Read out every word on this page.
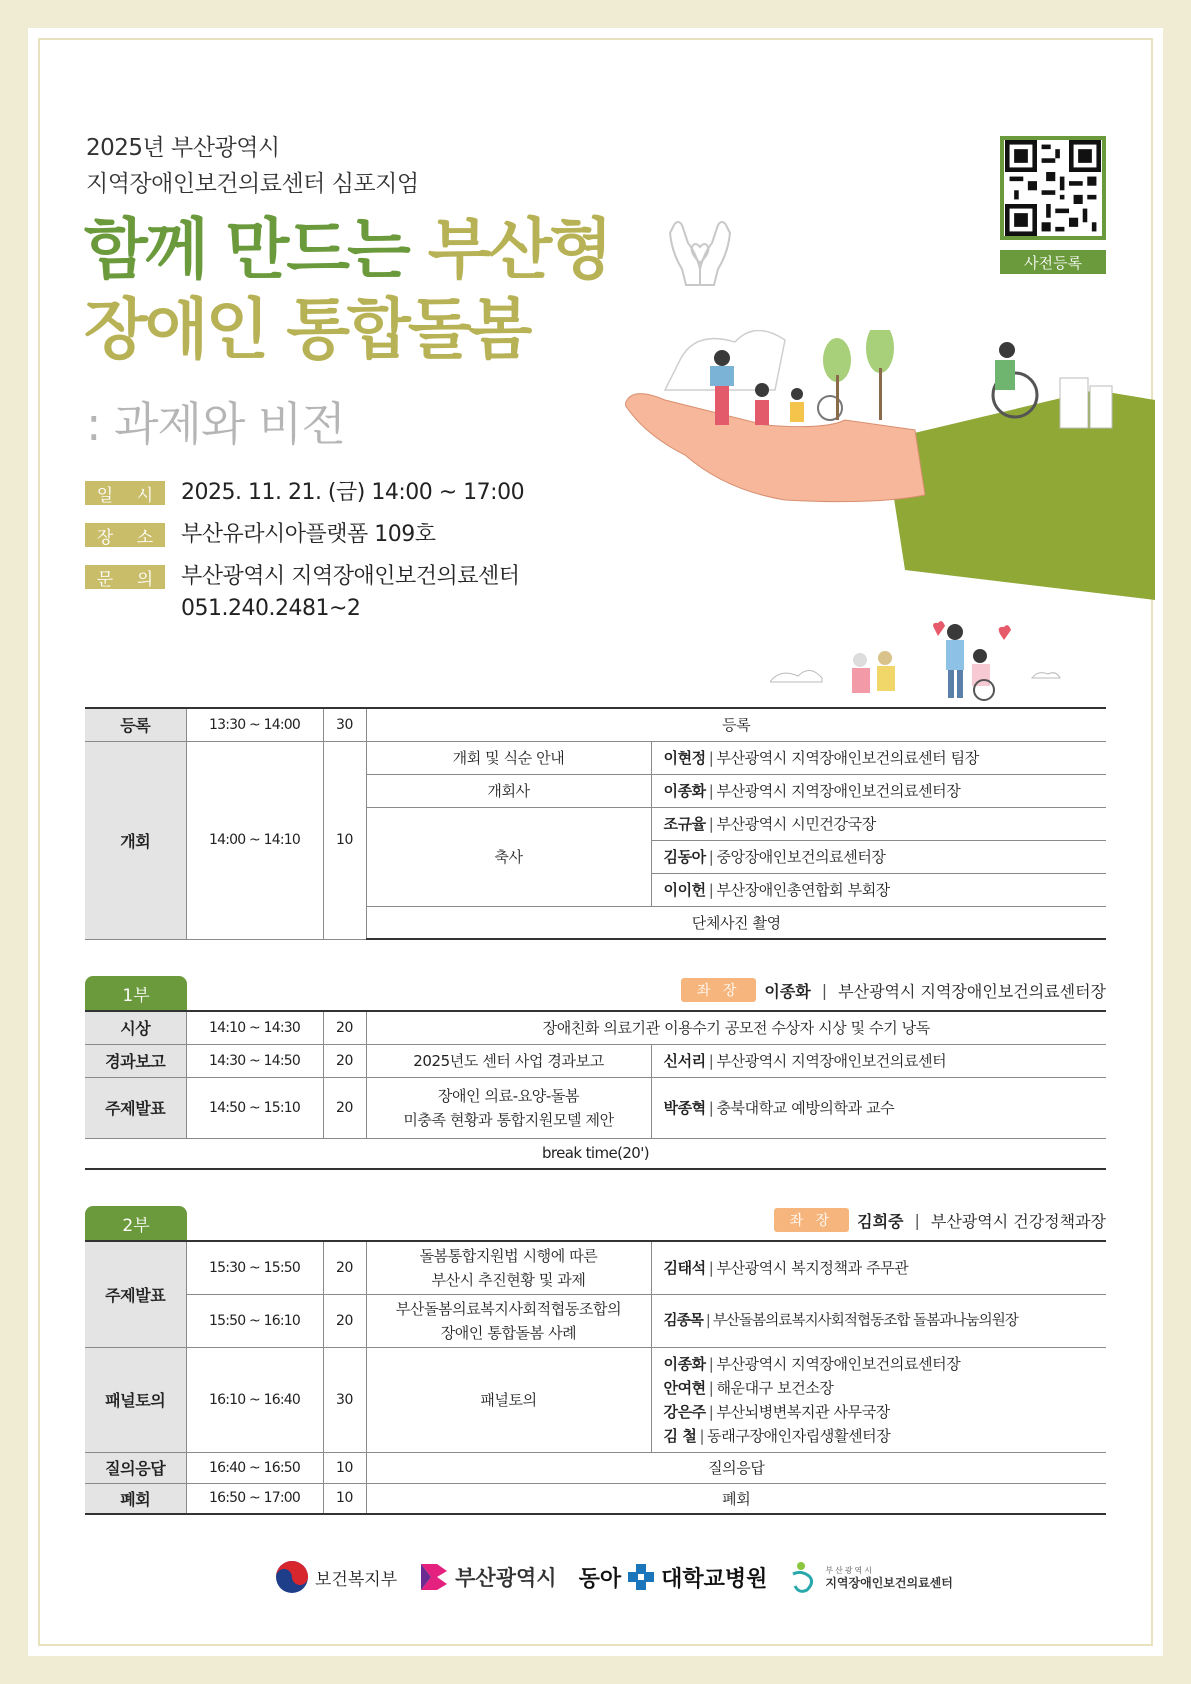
2025년 부산광역시
지역장애인보건의료센터 심포지엄
함께 만드는 부산형
장애인 통합돌봄
: 과제와 비전
사전등록
일 시 2025. 11. 21. (금) 14:00 ~ 17:00
장 소 부산유라시아플랫폼 109호
문 의 부산광역시 지역장애인보건의료센터
051.240.2481~2
등록	13:30 ~ 14:00	30	등록	
개회	14:00 ~ 14:10	10	개회 및 식순 안내	이현정 | 부산광역시 지역장애인보건의료센터 팀장
			개회사	이종화 | 부산광역시 지역장애인보건의료센터장
			축사	조규율 | 부산광역시 시민건강국장
				김동아 | 중앙장애인보건의료센터장
				이이헌 | 부산장애인총연합회 부회장
			단체사진 촬영	
1부	좌 장	이종화 | 부산광역시 지역장애인보건의료센터장
시상	14:10 ~ 14:30	20	장애친화 의료기관 이용수기 공모전 수상자 시상 및 수기 낭독	
경과보고	14:30 ~ 14:50	20	2025년도 센터 사업 경과보고	신서리 | 부산광역시 지역장애인보건의료센터
주제발표	14:50 ~ 15:10	20	장애인 의료-요양-돌봄
미충족 현황과 통합지원모델 제안	박종혁 | 충북대학교 예방의학과 교수
break time(20')				
2부	좌 장	김희중 | 부산광역시 건강정책과장
주제발표	15:30 ~ 15:50	20	돌봄통합지원법 시행에 따른
부산시 추진현황 및 과제	김태석 | 부산광역시 복지정책과 주무관
	15:50 ~ 16:10	20	부산돌봄의료복지사회적협동조합의
장애인 통합돌봄 사례	김종목 | 부산돌봄의료복지사회적협동조합 돌봄과나눔의원장
패널토의	16:10 ~ 16:40	30	패널토의	이종화 | 부산광역시 지역장애인보건의료센터장
안여현 | 해운대구 보건소장
강은주 | 부산뇌병변복지관 사무국장
김 철 | 동래구장애인자립생활센터장

질의응답	16:40 ~ 16:50	10	질의응답	
폐회	16:50 ~ 17:00	10	폐회	
보건복지부	부산광역시 동아 대학교병원	부산광역시
지역장애인보건의료센터
